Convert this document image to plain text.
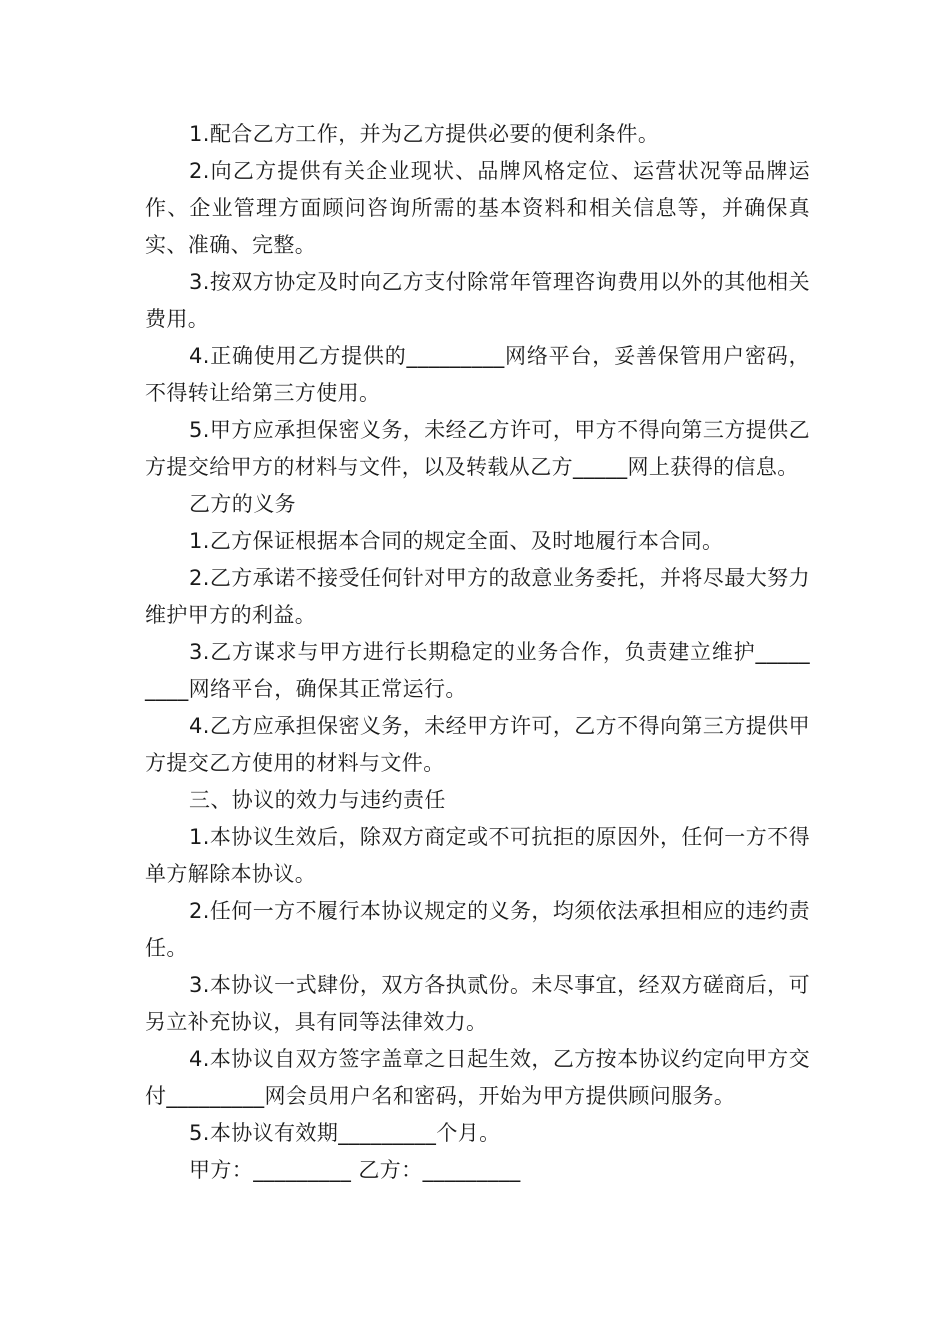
1.配合乙方工作，并为乙方提供必要的便利条件。

2.向乙方提供有关企业现状、品牌风格定位、运营状况等品牌运作、企业管理方面顾问咨询所需的基本资料和相关信息等，并确保真实、准确、完整。

3.按双方协定及时向乙方支付除常年管理咨询费用以外的其他相关费用。

4.正确使用乙方提供的_________网络平台，妥善保管用户密码，不得转让给第三方使用。

5.甲方应承担保密义务，未经乙方许可，甲方不得向第三方提供乙方提交给甲方的材料与文件，以及转载从乙方_____网上获得的信息。

乙方的义务

1.乙方保证根据本合同的规定全面、及时地履行本合同。

2.乙方承诺不接受任何针对甲方的敌意业务委托，并将尽最大努力维护甲方的利益。

3.乙方谋求与甲方进行长期稳定的业务合作，负责建立维护_________网络平台，确保其正常运行。

4.乙方应承担保密义务，未经甲方许可，乙方不得向第三方提供甲方提交乙方使用的材料与文件。

三、协议的效力与违约责任

1.本协议生效后，除双方商定或不可抗拒的原因外，任何一方不得单方解除本协议。

2.任何一方不履行本协议规定的义务，均须依法承担相应的违约责任。

3.本协议一式肆份，双方各执贰份。未尽事宜，经双方磋商后，可另立补充协议，具有同等法律效力。

4.本协议自双方签字盖章之日起生效，乙方按本协议约定向甲方交付_________网会员用户名和密码，开始为甲方提供顾问服务。

5.本协议有效期_________个月。

甲方：_________ 乙方：_________
